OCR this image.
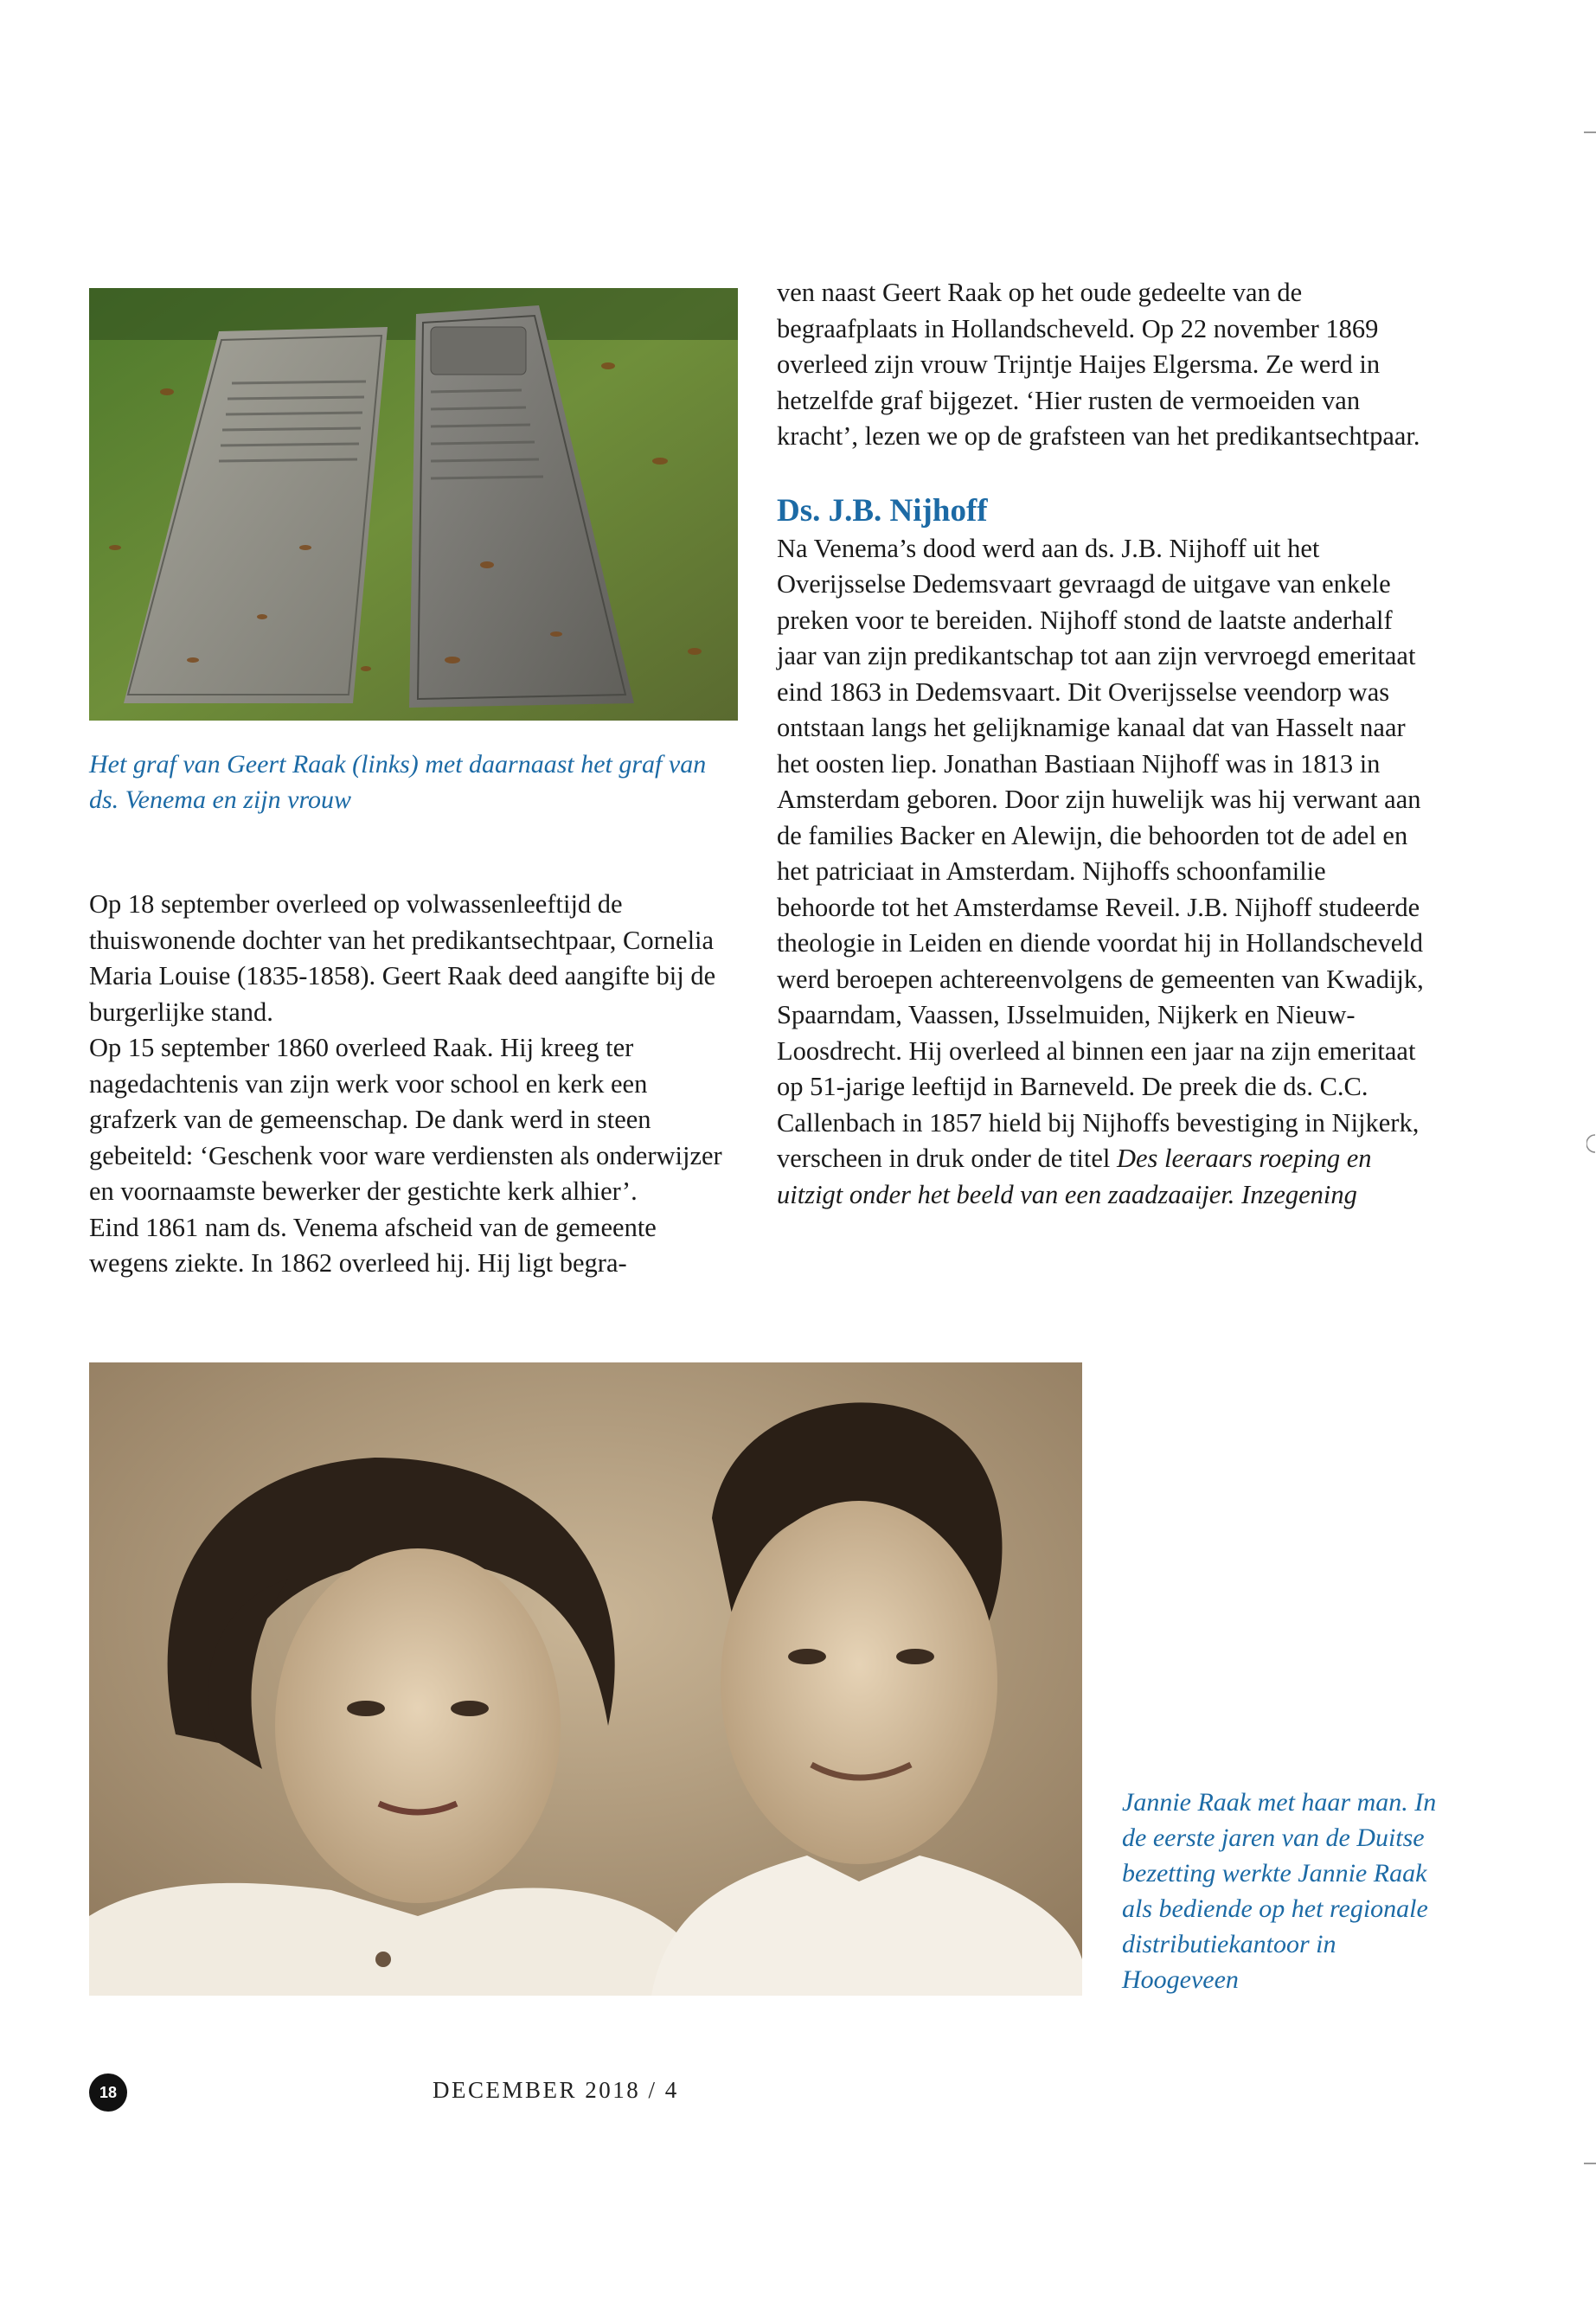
Het graf van Geert Raak (links) met daarnaast het graf van ds. Venema en zijn vrouw

Op 18 september overleed op volwassenleeftijd de thuiswonende dochter van het predikantsechtpaar, Cornelia Maria Louise (1835-1858). Geert Raak deed aangifte bij de burgerlijke stand.

Op 15 september 1860 overleed Raak. Hij kreeg ter nagedachtenis van zijn werk voor school en kerk een grafzerk van de gemeenschap. De dank werd in steen gebeiteld: ‘Geschenk voor ware verdiensten als onderwijzer en voornaamste bewerker der gestichte kerk alhier’.

Eind 1861 nam ds. Venema afscheid van de gemeente wegens ziekte. In 1862 overleed hij. Hij ligt begra-

ven naast Geert Raak op het oude gedeelte van de begraafplaats in Hollandscheveld. Op 22 november 1869 overleed zijn vrouw Trijntje Haijes Elgersma. Ze werd in hetzelfde graf bijgezet. ‘Hier rusten de vermoeiden van kracht’, lezen we op de grafsteen van het predikantsechtpaar.

Ds. J.B. Nijhoff

Na Venema’s dood werd aan ds. J.B. Nijhoff uit het Overijsselse Dedemsvaart gevraagd de uitgave van enkele preken voor te bereiden. Nijhoff stond de laatste anderhalf jaar van zijn predikantschap tot aan zijn vervroegd emeritaat eind 1863 in Dedemsvaart. Dit Overijsselse veendorp was ontstaan langs het gelijknamige kanaal dat van Hasselt naar het oosten liep. Jonathan Bastiaan Nijhoff was in 1813 in Amsterdam geboren. Door zijn huwelijk was hij verwant aan de families Backer en Alewijn, die behoorden tot de adel en het patriciaat in Amsterdam. Nijhoffs schoonfamilie behoorde tot het Amsterdamse Reveil. J.B. Nijhoff studeerde theologie in Leiden en diende voordat hij in Hollandscheveld werd beroepen achtereenvolgens de gemeenten van Kwadijk, Spaarndam, Vaassen, IJsselmuiden, Nijkerk en Nieuw-Loosdrecht. Hij overleed al binnen een jaar na zijn emeritaat op 51-jarige leeftijd in Barneveld. De preek die ds. C.C. Callenbach in 1857 hield bij Nijhoffs bevestiging in Nijkerk, verscheen in druk onder de titel Des leeraars roeping en uitzigt onder het beeld van een zaadzaaijer. Inzegening

Jannie Raak met haar man. In de eerste jaren van de Duitse bezetting werkte Jannie Raak als bediende op het regionale distributiekantoor in Hoogeveen
18	DECEMBER 2018 / 4
